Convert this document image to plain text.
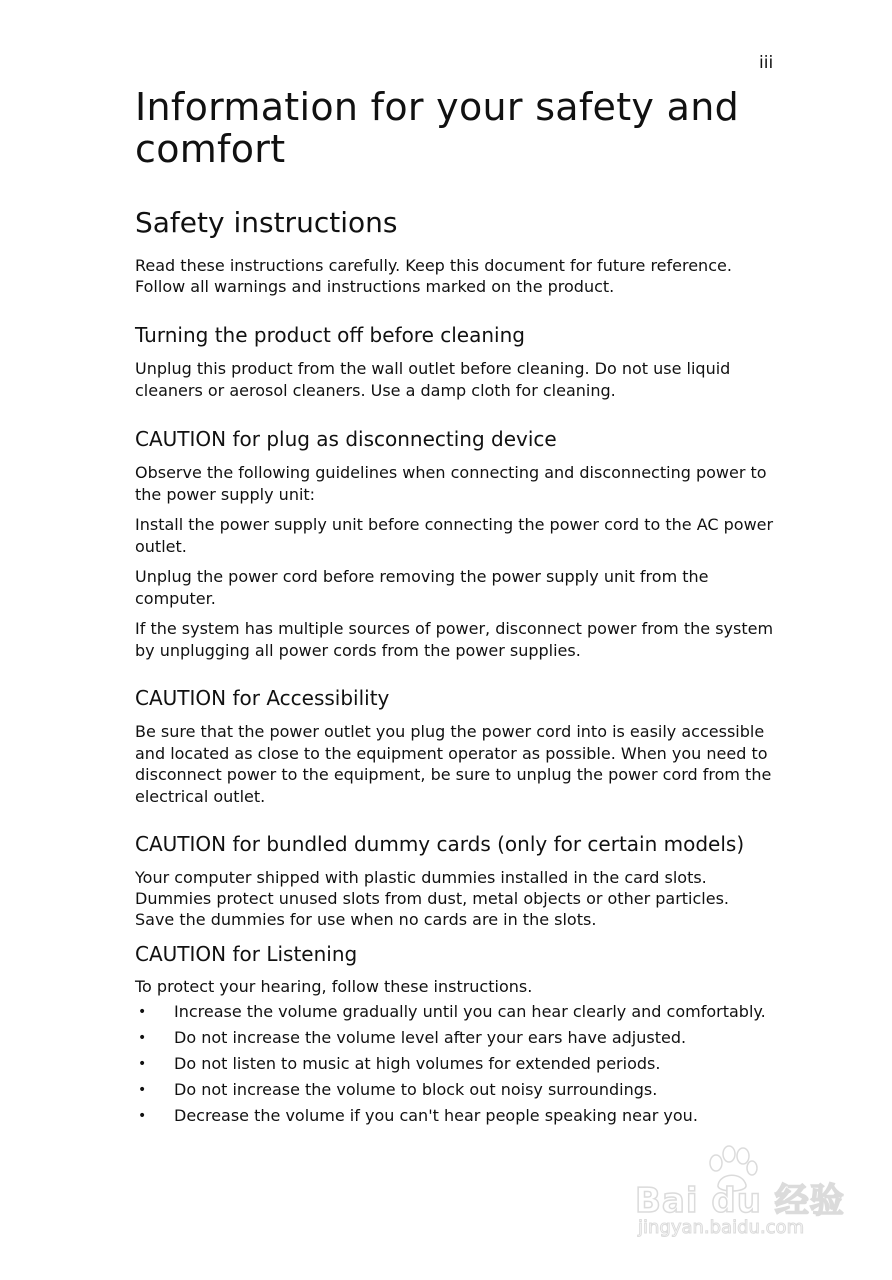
iii
Information for your safety and comfort
Safety instructions

Read these instructions carefully. Keep this document for future reference.

Follow all warnings and instructions marked on the product.

Turning the product off before cleaning

Unplug this product from the wall outlet before cleaning. Do not use liquid cleaners or aerosol cleaners. Use a damp cloth for cleaning.

CAUTION for plug as disconnecting device

Observe the following guidelines when connecting and disconnecting power to the power supply unit:

Install the power supply unit before connecting the power cord to the AC power outlet.

Unplug the power cord before removing the power supply unit from the computer.

If the system has multiple sources of power, disconnect power from the system by unplugging all power cords from the power supplies.

CAUTION for Accessibility

Be sure that the power outlet you plug the power cord into is easily accessible and located as close to the equipment operator as possible. When you need to disconnect power to the equipment, be sure to unplug the power cord from the electrical outlet.

CAUTION for bundled dummy cards (only for certain models)

Your computer shipped with plastic dummies installed in the card slots.

Dummies protect unused slots from dust, metal objects or other particles.

Save the dummies for use when no cards are in the slots.

CAUTION for Listening

To protect your hearing, follow these instructions.

• Increase the volume gradually until you can hear clearly and comfortably.
• Do not increase the volume level after your ears have adjusted.
• Do not listen to music at high volumes for extended periods.
• Do not increase the volume to block out noisy surroundings.
• Decrease the volume if you can't hear people speaking near you.
Bai du 经验
jingyan.baidu.com
